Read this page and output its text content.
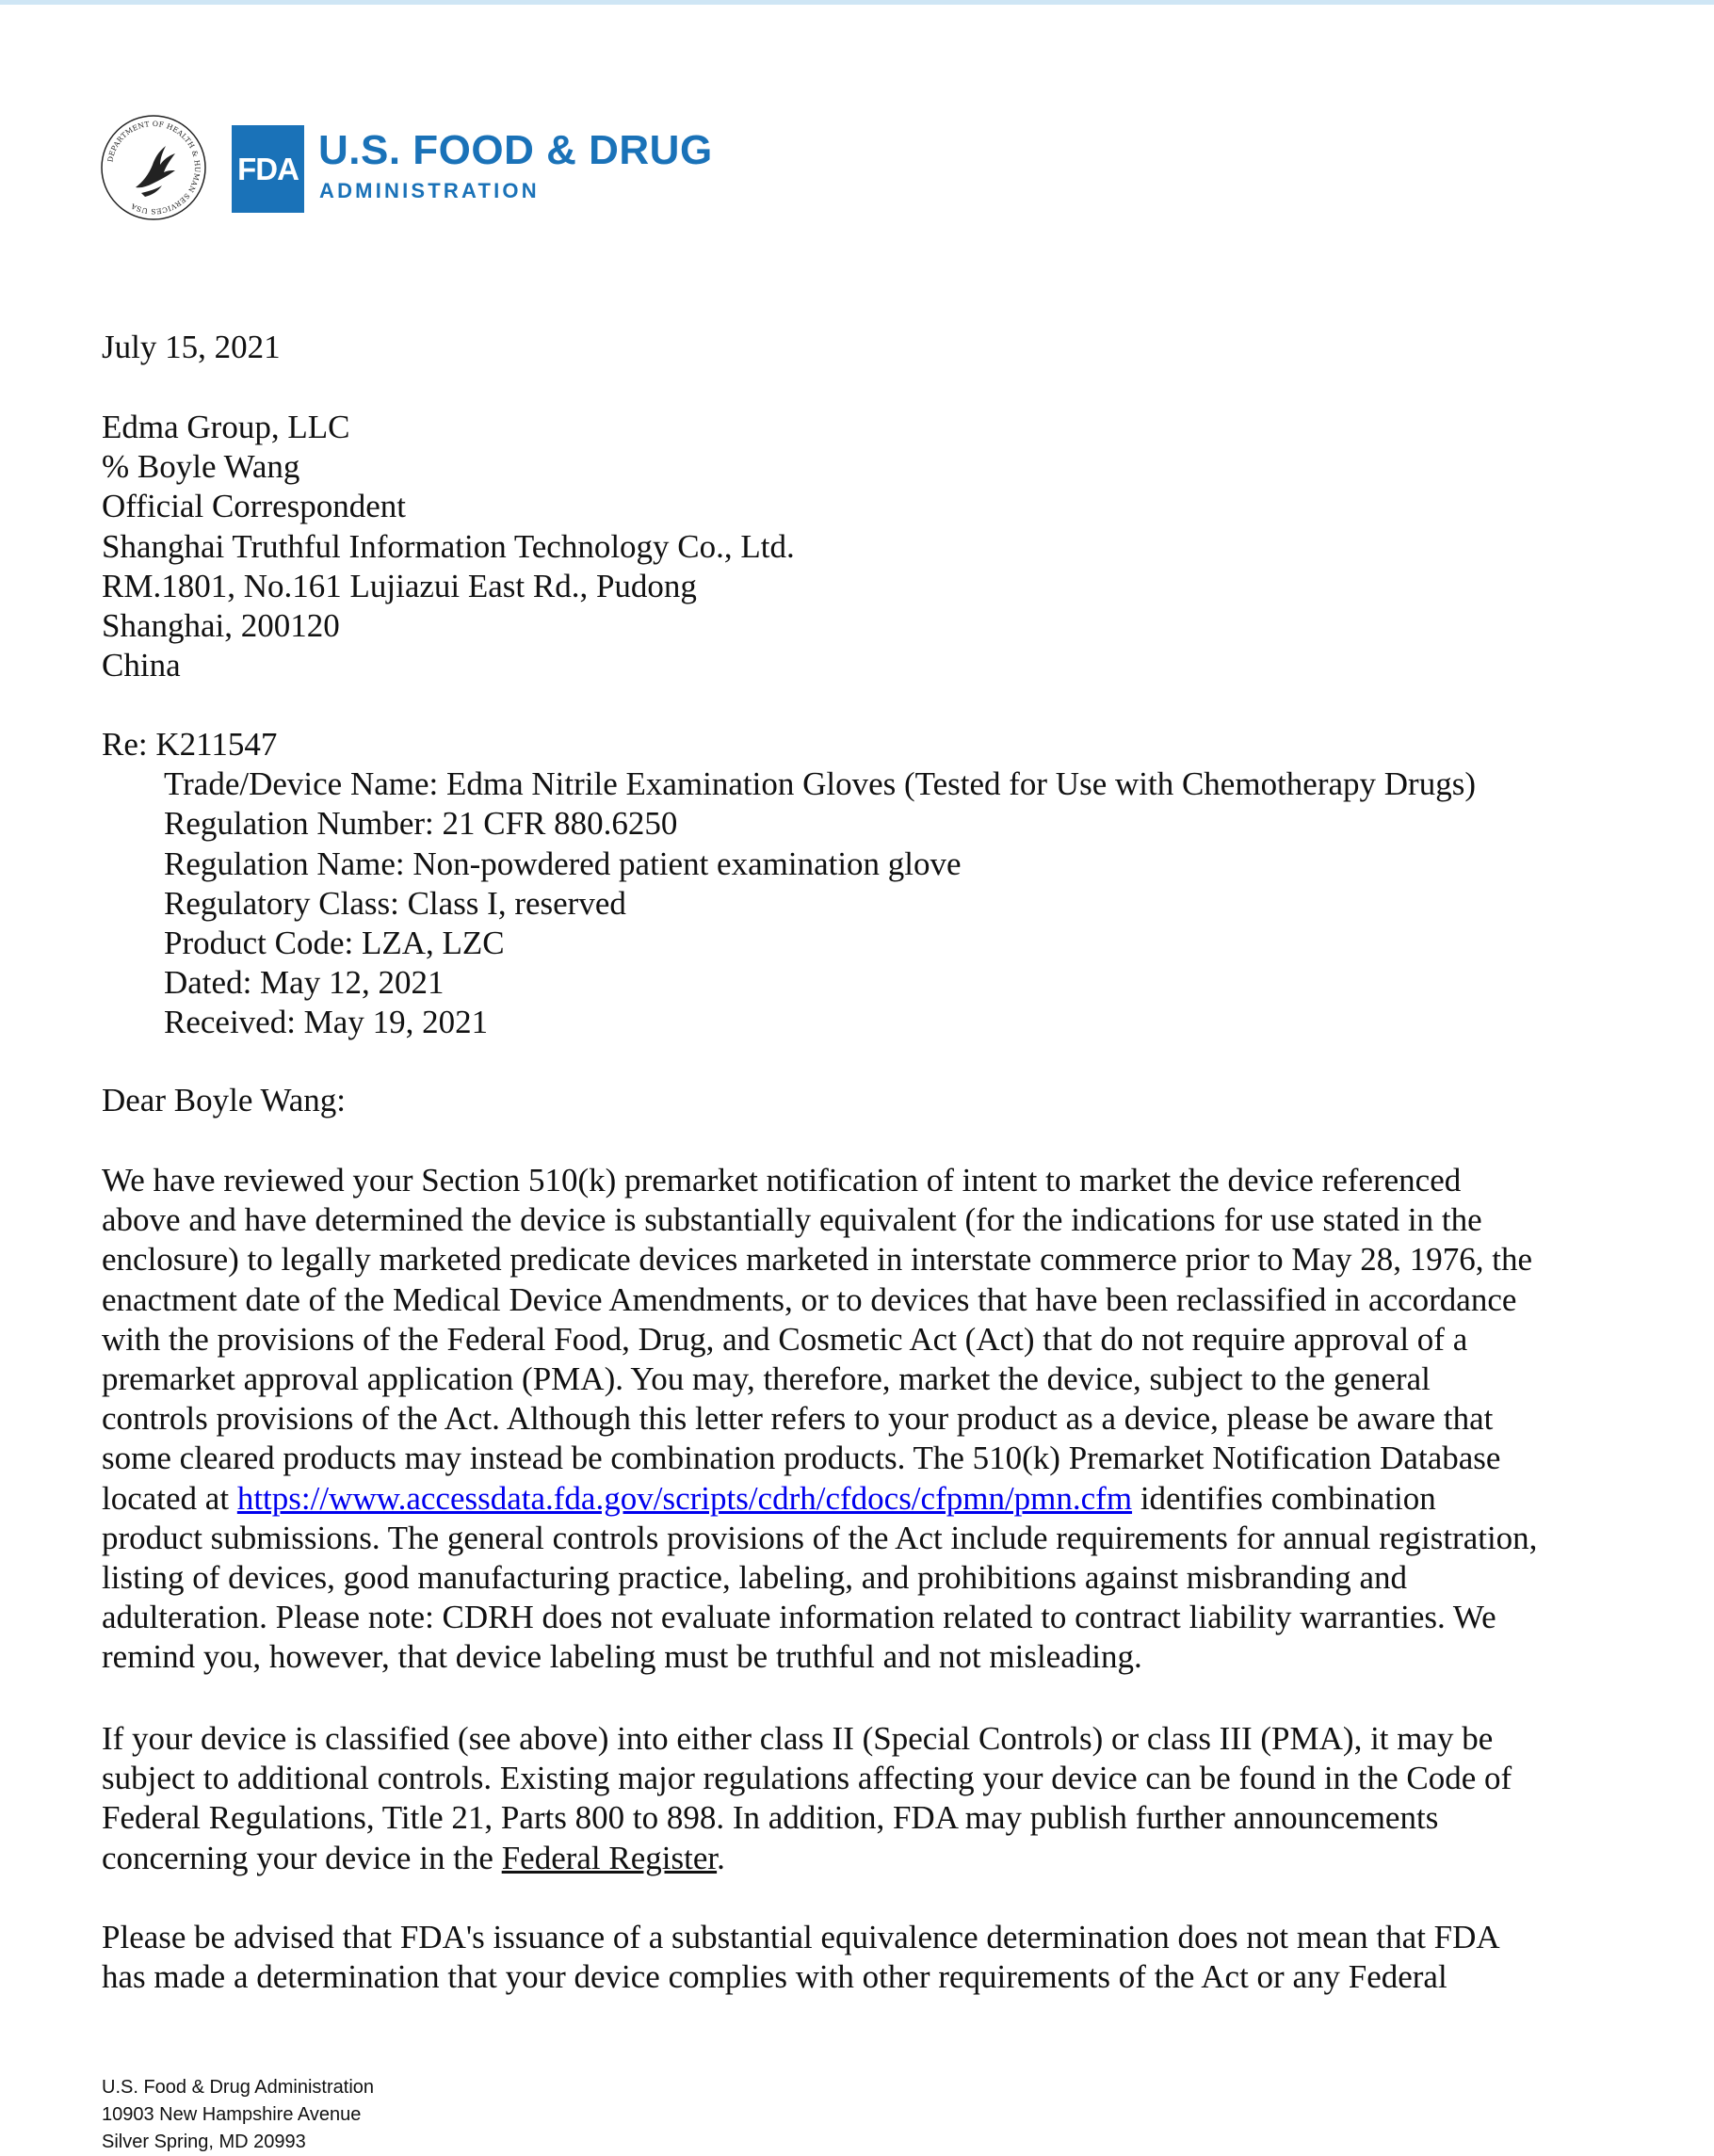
DEPARTMENT OF HEALTH & HUMAN SERVICES USA
FDA U.S. FOOD & DRUG
ADMINISTRATION
July 15, 2021
Edma Group, LLC
% Boyle Wang
Official Correspondent
Shanghai Truthful Information Technology Co., Ltd.
RM.1801, No.161 Lujiazui East Rd., Pudong
Shanghai, 200120
China
Re: K211547
Trade/Device Name: Edma Nitrile Examination Gloves (Tested for Use with Chemotherapy Drugs)
Regulation Number: 21 CFR 880.6250
Regulation Name: Non-powdered patient examination glove
Regulatory Class: Class I, reserved
Product Code: LZA, LZC
Dated: May 12, 2021
Received: May 19, 2021
Dear Boyle Wang:
We have reviewed your Section 510(k) premarket notification of intent to market the device referenced
above and have determined the device is substantially equivalent (for the indications for use stated in the
enclosure) to legally marketed predicate devices marketed in interstate commerce prior to May 28, 1976, the
enactment date of the Medical Device Amendments, or to devices that have been reclassified in accordance
with the provisions of the Federal Food, Drug, and Cosmetic Act (Act) that do not require approval of a
premarket approval application (PMA). You may, therefore, market the device, subject to the general
controls provisions of the Act. Although this letter refers to your product as a device, please be aware that
some cleared products may instead be combination products. The 510(k) Premarket Notification Database
located at https://www.accessdata.fda.gov/scripts/cdrh/cfdocs/cfpmn/pmn.cfm identifies combination
product submissions. The general controls provisions of the Act include requirements for annual registration,
listing of devices, good manufacturing practice, labeling, and prohibitions against misbranding and
adulteration. Please note: CDRH does not evaluate information related to contract liability warranties. We
remind you, however, that device labeling must be truthful and not misleading.
If your device is classified (see above) into either class II (Special Controls) or class III (PMA), it may be
subject to additional controls. Existing major regulations affecting your device can be found in the Code of
Federal Regulations, Title 21, Parts 800 to 898. In addition, FDA may publish further announcements
concerning your device in the Federal Register.
Please be advised that FDA's issuance of a substantial equivalence determination does not mean that FDA
has made a determination that your device complies with other requirements of the Act or any Federal
U.S. Food & Drug Administration
10903 New Hampshire Avenue
Silver Spring, MD 20993
